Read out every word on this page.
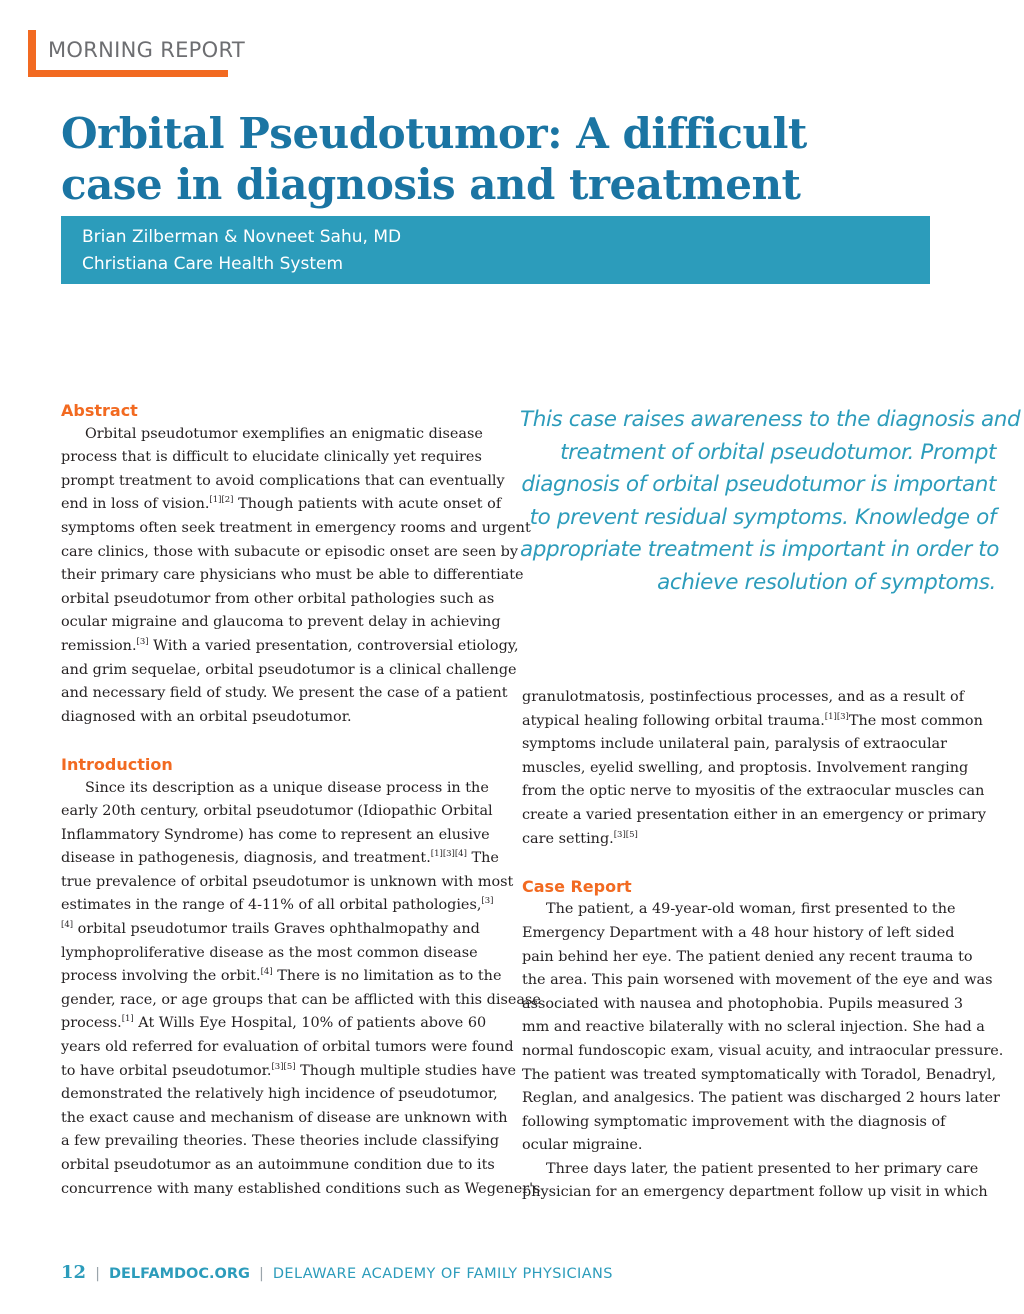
MORNING REPORT
Orbital Pseudotumor: A difficult
case in diagnosis and treatment
Brian Zilberman & Novneet Sahu, MD
Christiana Care Health System
This case raises awareness to the diagnosis and
treatment of orbital pseudotumor. Prompt
diagnosis of orbital pseudotumor is important
to prevent residual symptoms. Knowledge of
appropriate treatment is important in order to
achieve resolution of symptoms.
Abstract
Orbital pseudotumor exemplifies an enigmatic disease
process that is difficult to elucidate clinically yet requires
prompt treatment to avoid complications that can eventually
end in loss of vision.[1][2] Though patients with acute onset of
symptoms often seek treatment in emergency rooms and urgent
care clinics, those with subacute or episodic onset are seen by
their primary care physicians who must be able to differentiate
orbital pseudotumor from other orbital pathologies such as
ocular migraine and glaucoma to prevent delay in achieving
remission.[3] With a varied presentation, controversial etiology,
and grim sequelae, orbital pseudotumor is a clinical challenge
and necessary field of study. We present the case of a patient
diagnosed with an orbital pseudotumor.
Introduction
Since its description as a unique disease process in the
early 20th century, orbital pseudotumor (Idiopathic Orbital
Inflammatory Syndrome) has come to represent an elusive
disease in pathogenesis, diagnosis, and treatment.[1][3][4] The
true prevalence of orbital pseudotumor is unknown with most
estimates in the range of 4-11% of all orbital pathologies,[3]
[4] orbital pseudotumor trails Graves ophthalmopathy and
lymphoproliferative disease as the most common disease
process involving the orbit.[4] There is no limitation as to the
gender, race, or age groups that can be afflicted with this disease
process.[1] At Wills Eye Hospital, 10% of patients above 60
years old referred for evaluation of orbital tumors were found
to have orbital pseudotumor.[3][5] Though multiple studies have
demonstrated the relatively high incidence of pseudotumor,
the exact cause and mechanism of disease are unknown with
a few prevailing theories. These theories include classifying
orbital pseudotumor as an autoimmune condition due to its
concurrence with many established conditions such as Wegener's
granulotmatosis, postinfectious processes, and as a result of
atypical healing following orbital trauma.[1][3]The most common
symptoms include unilateral pain, paralysis of extraocular
muscles, eyelid swelling, and proptosis. Involvement ranging
from the optic nerve to myositis of the extraocular muscles can
create a varied presentation either in an emergency or primary
care setting.[3][5]
Case Report
The patient, a 49-year-old woman, first presented to the
Emergency Department with a 48 hour history of left sided
pain behind her eye. The patient denied any recent trauma to
the area. This pain worsened with movement of the eye and was
associated with nausea and photophobia. Pupils measured 3
mm and reactive bilaterally with no scleral injection. She had a
normal fundoscopic exam, visual acuity, and intraocular pressure.
The patient was treated symptomatically with Toradol, Benadryl,
Reglan, and analgesics. The patient was discharged 2 hours later
following symptomatic improvement with the diagnosis of
ocular migraine.
Three days later, the patient presented to her primary care
physician for an emergency department follow up visit in which
12 | DELFAMDOC.ORG | DELAWARE ACADEMY OF FAMILY PHYSICIANS
